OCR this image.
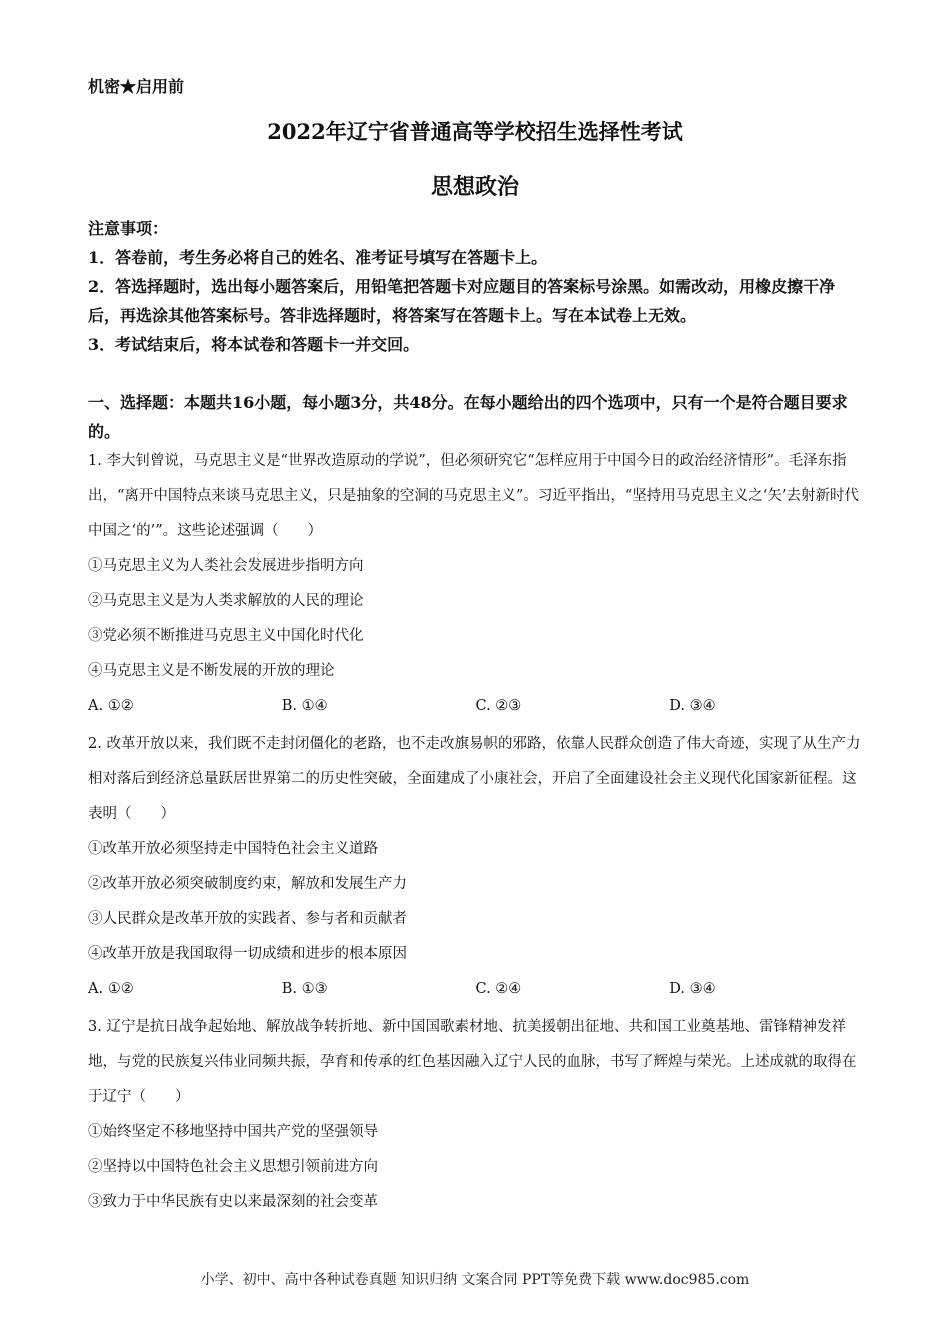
机密★启用前
2022年辽宁省普通高等学校招生选择性考试
思想政治
注意事项：
1．答卷前，考生务必将自己的姓名、准考证号填写在答题卡上。
2．答选择题时，选出每小题答案后，用铅笔把答题卡对应题目的答案标号涂黑。如需改动，用橡皮擦干净后，再选涂其他答案标号。答非选择题时，将答案写在答题卡上。写在本试卷上无效。
3．考试结束后，将本试卷和答题卡一并交回。
一、选择题：本题共16小题，每小题3分，共48分。在每小题给出的四个选项中，只有一个是符合题目要求的。

1. 李大钊曾说，马克思主义是“世界改造原动的学说”，但必须研究它“怎样应用于中国今日的政治经济情形”。毛泽东指出，“离开中国特点来谈马克思主义，只是抽象的空洞的马克思主义”。习近平指出，“坚持用马克思主义之‘矢’去射新时代中国之‘的’”。这些论述强调（　　）

①马克思主义为人类社会发展进步指明方向

②马克思主义是为人类求解放的人民的理论

③党必须不断推进马克思主义中国化时代化

④马克思主义是不断发展的开放的理论

A. ①②	B. ①④	C. ②③	D. ③④

2. 改革开放以来，我们既不走封闭僵化的老路，也不走改旗易帜的邪路，依靠人民群众创造了伟大奇迹，实现了从生产力相对落后到经济总量跃居世界第二的历史性突破，全面建成了小康社会，开启了全面建设社会主义现代化国家新征程。这表明（　　）

①改革开放必须坚持走中国特色社会主义道路

②改革开放必须突破制度约束，解放和发展生产力

③人民群众是改革开放的实践者、参与者和贡献者

④改革开放是我国取得一切成绩和进步的根本原因

A. ①②	B. ①③	C. ②④	D. ③④

3. 辽宁是抗日战争起始地、解放战争转折地、新中国国歌素材地、抗美援朝出征地、共和国工业奠基地、雷锋精神发祥地，与党的民族复兴伟业同频共振，孕育和传承的红色基因融入辽宁人民的血脉，书写了辉煌与荣光。上述成就的取得在于辽宁（　　）

①始终坚定不移地坚持中国共产党的坚强领导

②坚持以中国特色社会主义思想引领前进方向

③致力于中华民族有史以来最深刻的社会变革

小学、初中、高中各种试卷真题 知识归纳 文案合同 PPT等免费下载 www.doc985.com
